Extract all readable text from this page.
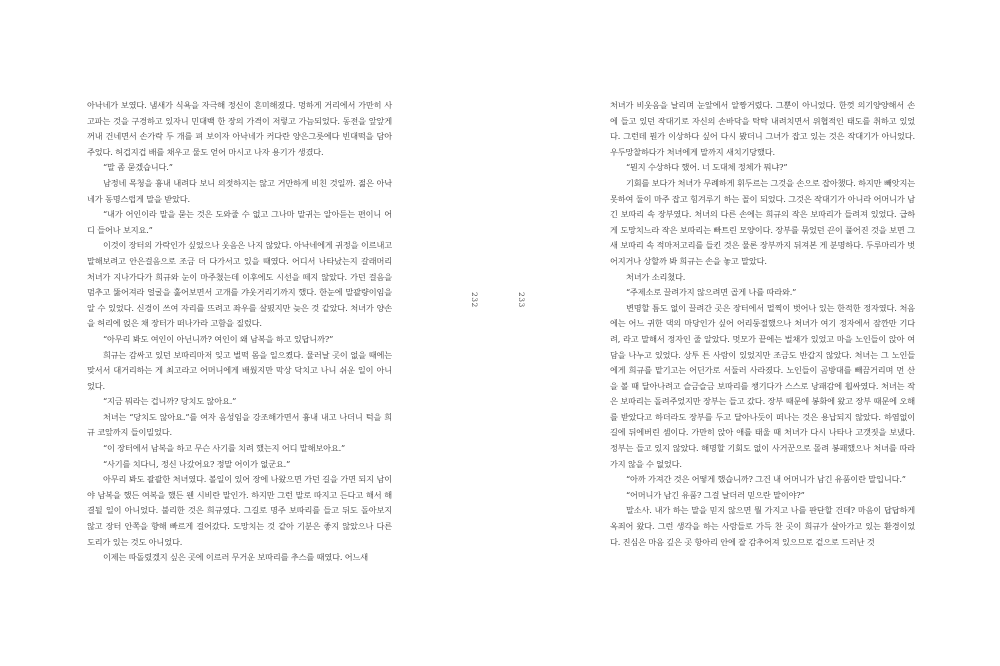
아낙네가 보였다. 냄새가 식욕을 자극해 정신이 혼미해졌다. 멍하게 거리에서 가만히 사고파는 것을 구경하고 있자니 민대백 한 장의 가격이 저렇고 가늠되었다. 동전을 앞앞게 꺼내 건네면서 손가락 두 개를 펴 보이자 아낙네가 커다란 양은그릇에다 빈대떡을 담아주었다. 허겁지겁 배를 채우고 물도 얻어 마시고 나자 용기가 생겼다.

“말 좀 묻겠습니다.”

남정네 목청을 흉내 내려다 보니 의젓하지는 않고 거만하게 비친 것일까. 젊은 아낙네가 동명스럽게 말을 받았다.

“내가 어인이라 말을 묻는 것은 도와줄 수 없고 그나마 말귀는 알아듣는 편이니 어디 들어나 보지요.”

이것이 장터의 가락인가 싶었으나 웃음은 나지 않았다. 아낙네에게 귀정을 이르내고 말해보려고 안은걸음으로 조금 더 다가서고 있을 때였다. 어디서 나타났는지 갈래머리 처녀가 지나가다가 희규와 눈이 마주쳤는데 이후에도 시선을 떼지 않았다. 가던 걸음을 멈추고 뚫어져라 얼굴을 훑어보면서 고개를 갸웃거리기까지 했다. 한눈에 말괄량이임을 알 수 있었다. 신경이 쓰여 자리를 뜨려고 좌우를 살폈지만 늦은 것 같았다. 처녀가 양손을 허리에 얹은 채 장터가 떠나가라 고함을 질렀다.

“아무리 봐도 여인이 아닌니까? 여인이 왜 남복을 하고 있답니까?”

희규는 감싸고 있던 보따리마저 잊고 벌떡 몸을 일으켰다. 물러날 곳이 없을 때에는 맞서서 대거리하는 게 최고라고 어머니에게 배웠지만 막상 닥치고 나니 쉬운 일이 아니었다.

“지금 뭐라는 겁니까? 당치도 않아요.”

처녀는 “당치도 않아요.”를 여자 음성임을 강조해가면서 흉내 내고 나더니 턱을 희규 코앞까지 들이밀었다.

“이 장터에서 남복을 하고 무슨 사기를 치려 했는지 어디 말해보아요.”

“사기를 치다니, 정신 나갔어요? 정말 어이가 없군요.”

아무리 봐도 괄괄한 처녀였다. 볼일이 있어 장에 나왔으면 가던 길을 가면 되지 남이야 남복을 했든 여복을 했든 웬 시비란 말인가. 하지만 그런 말로 따지고 든다고 해서 해결될 일이 아니었다. 불리한 것은 희규였다. 그길로 명주 보따리를 들고 뒤도 돌아보지 않고 장터 안쪽을 향해 빠르게 걸어갔다. 도망치는 것 같아 기분은 좋지 않았으나 다른 도리가 있는 것도 아니었다.

이제는 따돌렸겠지 싶은 곳에 이르러 무거운 보따리를 추스를 때였다. 어느새

처녀가 비웃음을 날리며 눈앞에서 알짱거렸다. 그뿐이 아니었다. 한껏 의기양양해서 손에 들고 있던 작대기로 자신의 손바닥을 탁탁 내려치면서 위협적인 태도를 취하고 있었다. 그런데 뭔가 이상하다 싶어 다시 봤더니 그녀가 잡고 있는 것은 작대기가 아니었다. 우두망찰하다가 처녀에게 말까지 새치기당했다.

“뭔지 수상하다 했어. 너 도대체 정체가 뭐냐?”

기회를 보다가 처녀가 무례하게 휘두르는 그것을 손으로 잡아챘다. 하지만 빼앗지는 못하여 둘이 마주 잡고 힘겨루기 하는 꼴이 되었다. 그것은 작대기가 아니라 어머니가 남긴 보따리 속 장부였다. 처녀의 다른 손에는 희규의 작은 보따리가 들려져 있었다. 급하게 도망치느라 작은 보따리는 빠트린 모양이다. 장부를 묶었던 끈이 풀어진 것을 보면 그새 보따리 속 적마저고리를 들킨 것은 물론 장부까지 뒤져본 게 분명하다. 두루마리가 벗어지거나 상할까 봐 희규는 손을 놓고 말았다.

처녀가 소리쳤다.

“주제소로 끌려가지 않으려면 곱게 나를 따라와.”

변명할 틈도 없이 끌려간 곳은 장터에서 멀찍이 벗어나 있는 한적한 정자였다. 처음에는 어느 귀한 댁의 마당인가 싶어 어리둥절했으나 처녀가 여기 정자에서 잠깐만 기다려, 라고 말해서 정자인 줄 알았다. 멋모가 끝에는 벌채가 있었고 마을 노인들이 앉아 여담을 나누고 있었다. 상투 튼 사람이 있었지만 조금도 반갑지 않았다. 처녀는 그 노인들에게 희규를 맡기고는 어딘가로 서둘러 사라졌다. 노인들이 곰방대를 빼끔거리며 먼 산을 볼 때 달아나려고 슬금슬금 보따리를 챙기다가 스스로 낭패감에 휩싸였다. 처녀는 작은 보따리는 돌려주었지만 장부는 들고 갔다. 장부 때문에 봉화에 왔고 장부 때문에 오해를 받았다고 하더라도 장부를 두고 달아나듯이 떠나는 것은 용납되지 않았다. 하염없이 길에 뒤에버린 셈이다. 가만히 앉아 애를 태울 때 처녀가 다시 나타나 고갯짓을 보냈다. 정부는 들고 있지 않았다. 해명할 기회도 없이 사거꾼으로 몰려 봉패했으나 처녀를 따라가지 않을 수 없었다.

“아까 가져간 것은 어떻게 했습니까? 그건 내 어머니가 남긴 유품이란 말입니다.”

“어머니가 남긴 유품? 그걸 날더러 믿으란 말이야?”

말소사. 내가 하는 말을 믿지 않으면 뭘 가지고 나를 판단할 건데? 마음이 답답하게 옥죄어 왔다. 그런 생각을 하는 사람들로 가득 찬 곳이 희규가 살아가고 있는 환경이었다. 진심은 마음 깊은 곳 항아리 안에 잘 감추어져 있으므로 겉으로 드러난 것

232	233
